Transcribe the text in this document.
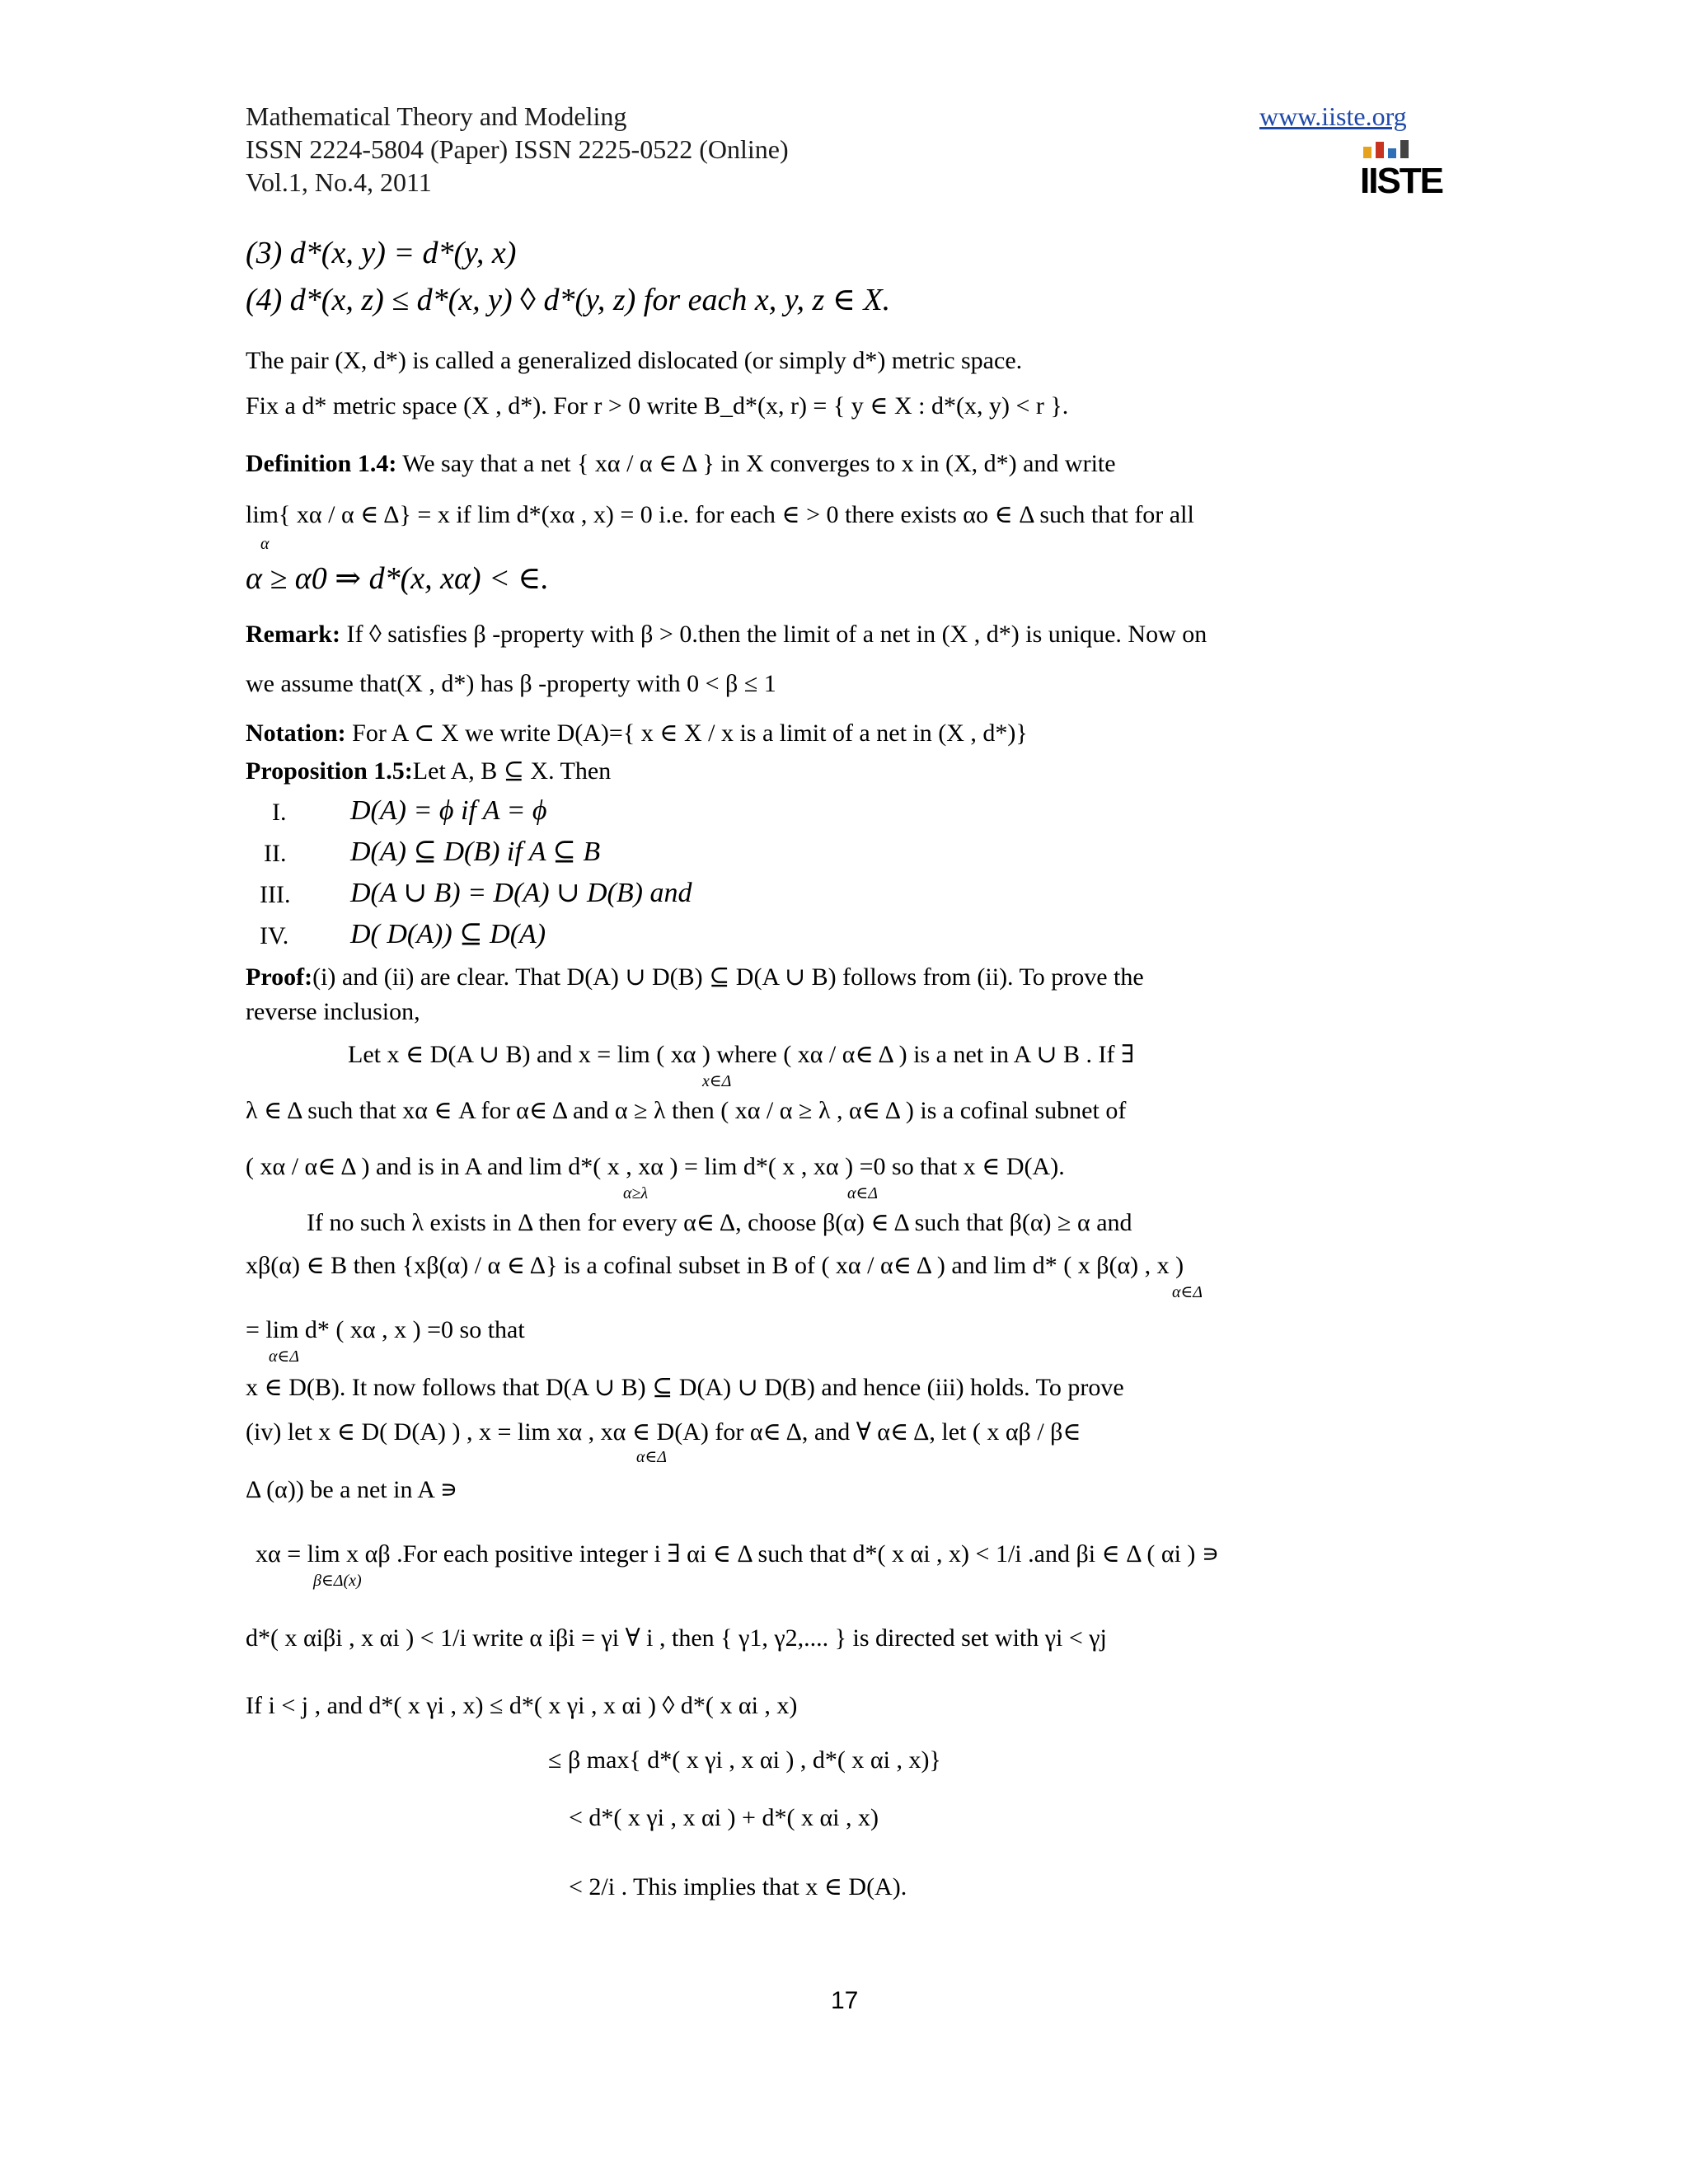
Mathematical Theory and Modeling
ISSN 2224-5804 (Paper) ISSN 2225-0522 (Online)
Vol.1, No.4, 2011
www.iiste.org
IISTE
(3) d*(x, y) = d*(y, x)
(4) d*(x, z) ≤ d*(x, y) ◊ d*(y, z) for each x, y, z ∈ X.
The pair (X, d*) is called a generalized dislocated (or simply d*) metric space.
Fix a d* metric space (X , d*). For r > 0 write B_d*(x, r) = { y ∈ X : d*(x, y) < r }.
Definition 1.4: We say that a net { xα / α ∈ Δ } in X converges to x in (X, d*) and write
lim{ xα / α ∈ Δ} = x if lim d*(xα , x) = 0 i.e. for each ∈ > 0 there exists αo ∈ Δ such that for all
α
α ≥ α0 ⇒ d*(x, xα) < ∈.
Remark: If ◊ satisfies β -property with β > 0.then the limit of a net in (X , d*) is unique. Now on
we assume that(X , d*) has β -property with 0 < β ≤ 1
Notation: For A ⊂ X we write D(A)={ x ∈ X / x is a limit of a net in (X , d*)}
Proposition 1.5:Let A, B ⊆ X. Then
I. D(A) = ϕ if A = ϕ
II. D(A) ⊆ D(B) if A ⊆ B
III. D(A ∪ B) = D(A) ∪ D(B) and
IV. D( D(A)) ⊆ D(A)
Proof:(i) and (ii) are clear. That D(A) ∪ D(B) ⊆ D(A ∪ B) follows from (ii). To prove the
reverse inclusion,
Let x ∈ D(A ∪ B) and x = lim ( xα ) where ( xα / α∈ Δ ) is a net in A ∪ B . If ∃
x∈Δ
λ ∈ Δ such that xα ∈ A for α∈ Δ and α ≥ λ then ( xα / α ≥ λ , α∈ Δ ) is a cofinal subnet of
( xα / α∈ Δ ) and is in A and lim d*( x , xα ) = lim d*( x , xα ) =0 so that x ∈ D(A).
α≥λ	α∈Δ
If no such λ exists in Δ then for every α∈ Δ, choose β(α) ∈ Δ such that β(α) ≥ α and
xβ(α) ∈ B then {xβ(α) / α ∈ Δ} is a cofinal subset in B of ( xα / α∈ Δ ) and lim d* ( x β(α) , x )
α∈Δ
= lim d* ( xα , x ) =0 so that
α∈Δ
x ∈ D(B). It now follows that D(A ∪ B) ⊆ D(A) ∪ D(B) and hence (iii) holds. To prove
(iv) let x ∈ D( D(A) ) , x = lim xα , xα ∈ D(A) for α∈ Δ, and ∀ α∈ Δ, let ( x αβ / β∈
α∈Δ
Δ (α)) be a net in A ∍
xα = lim x αβ .For each positive integer i ∃ αi ∈ Δ such that d*( x αi , x) < 1/i .and βi ∈ Δ ( αi ) ∍
β∈Δ(x)
d*( x αiβi , x αi ) < 1/i write α iβi = γi ∀ i , then { γ1, γ2,.... } is directed set with γi < γj
If i < j , and d*( x γi , x) ≤ d*( x γi , x αi ) ◊ d*( x αi , x)
≤ β max{ d*( x γi , x αi ) , d*( x αi , x)}
< d*( x γi , x αi ) + d*( x αi , x)
< 2/i . This implies that x ∈ D(A).
17
